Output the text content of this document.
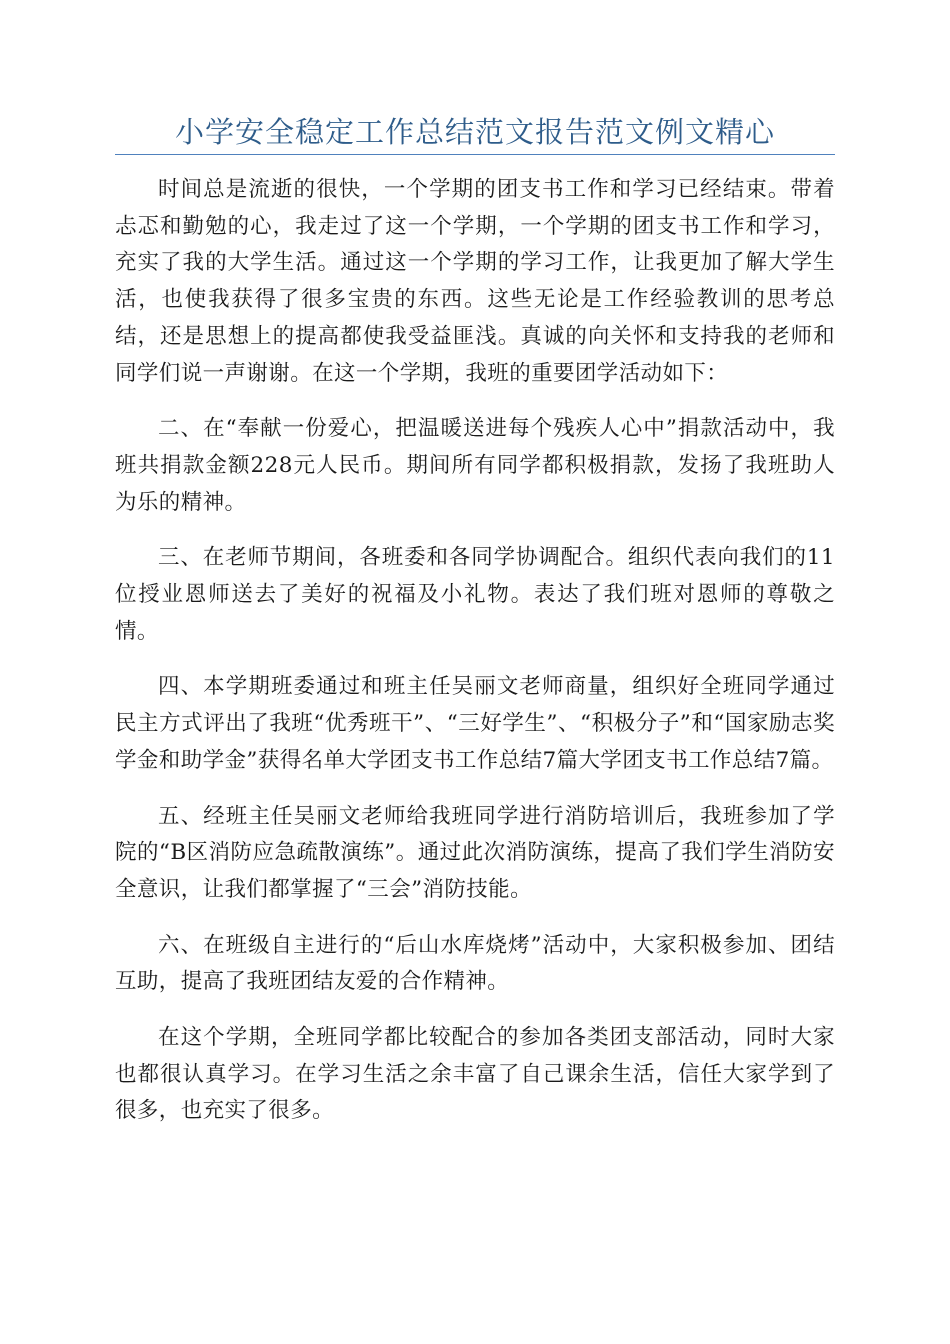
小学安全稳定工作总结范文报告范文例文精心

时间总是流逝的很快，一个学期的团支书工作和学习已经结束。带着忐忑和勤勉的心，我走过了这一个学期，一个学期的团支书工作和学习，充实了我的大学生活。通过这一个学期的学习工作，让我更加了解大学生活，也使我获得了很多宝贵的东西。这些无论是工作经验教训的思考总结，还是思想上的提高都使我受益匪浅。真诚的向关怀和支持我的老师和同学们说一声谢谢。在这一个学期，我班的重要团学活动如下：

二、在“奉献一份爱心，把温暖送进每个残疾人心中”捐款活动中，我班共捐款金额228元人民币。期间所有同学都积极捐款，发扬了我班助人为乐的精神。

三、在老师节期间，各班委和各同学协调配合。组织代表向我们的11位授业恩师送去了美好的祝福及小礼物。表达了我们班对恩师的尊敬之情。

四、本学期班委通过和班主任吴丽文老师商量，组织好全班同学通过民主方式评出了我班“优秀班干”、“三好学生”、“积极分子”和“国家励志奖学金和助学金”获得名单大学团支书工作总结7篇大学团支书工作总结7篇。

五、经班主任吴丽文老师给我班同学进行消防培训后，我班参加了学院的“B区消防应急疏散演练”。通过此次消防演练，提高了我们学生消防安全意识，让我们都掌握了“三会”消防技能。

六、在班级自主进行的“后山水库烧烤”活动中，大家积极参加、团结互助，提高了我班团结友爱的合作精神。

在这个学期，全班同学都比较配合的参加各类团支部活动，同时大家也都很认真学习。在学习生活之余丰富了自己课余生活，信任大家学到了很多，也充实了很多。
